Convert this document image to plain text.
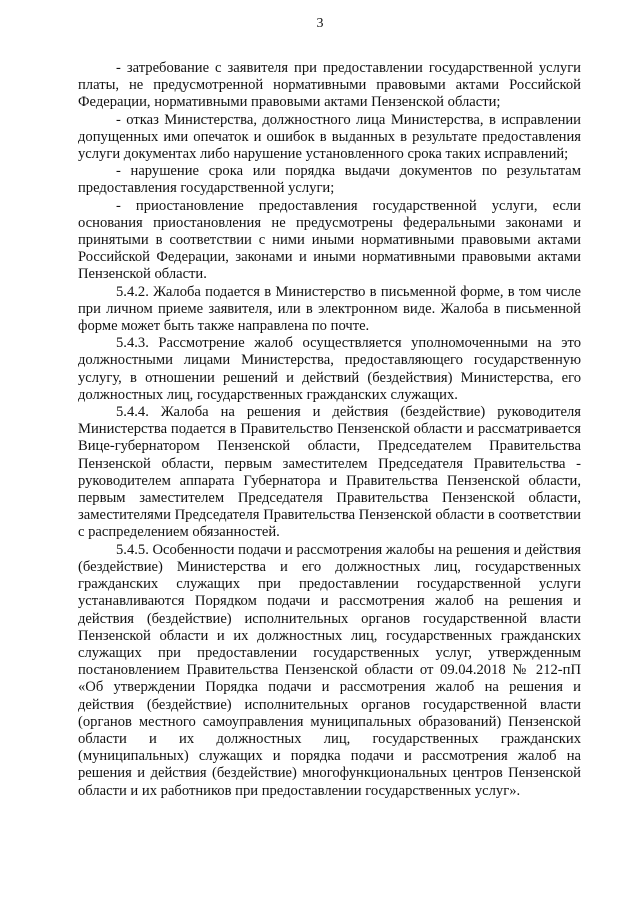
3

- затребование с заявителя при предоставлении государственной услуги платы, не предусмотренной нормативными правовыми актами Российской Федерации, нормативными правовыми актами Пензенской области;

- отказ Министерства, должностного лица Министерства, в исправлении допущенных ими опечаток и ошибок в выданных в результате предоставления услуги документах либо нарушение установленного срока таких исправлений;

- нарушение срока или порядка выдачи документов по результатам предоставления государственной услуги;

- приостановление предоставления государственной услуги, если основания приостановления не предусмотрены федеральными законами и принятыми в соответствии с ними иными нормативными правовыми актами Российской Федерации, законами и иными нормативными правовыми актами Пензенской области.

5.4.2. Жалоба подается в Министерство в письменной форме, в том числе при личном приеме заявителя, или в электронном виде. Жалоба в письменной форме может быть также направлена по почте.

5.4.3. Рассмотрение жалоб осуществляется уполномоченными на это должностными лицами Министерства, предоставляющего государственную услугу, в отношении решений и действий (бездействия) Министерства, его должностных лиц, государственных гражданских служащих.

5.4.4. Жалоба на решения и действия (бездействие) руководителя Министерства подается в Правительство Пензенской области и рассматривается Вице-губернатором Пензенской области, Председателем Правительства Пензенской области, первым заместителем Председателя Правительства - руководителем аппарата Губернатора и Правительства Пензенской области, первым заместителем Председателя Правительства Пензенской области, заместителями Председателя Правительства Пензенской области в соответствии с распределением обязанностей.

5.4.5. Особенности подачи и рассмотрения жалобы на решения и действия (бездействие) Министерства и его должностных лиц, государственных гражданских служащих при предоставлении государственной услуги устанавливаются Порядком подачи и рассмотрения жалоб на решения и действия (бездействие) исполнительных органов государственной власти Пензенской области и их должностных лиц, государственных гражданских служащих при предоставлении государственных услуг, утвержденным постановлением Правительства Пензенской области от 09.04.2018 № 212-пП «Об утверждении Порядка подачи и рассмотрения жалоб на решения и действия (бездействие) исполнительных органов государственной власти (органов местного самоуправления муниципальных образований) Пензенской области и их должностных лиц, государственных гражданских (муниципальных) служащих и порядка подачи и рассмотрения жалоб на решения и действия (бездействие) многофункциональных центров Пензенской области и их работников при предоставлении государственных услуг».
